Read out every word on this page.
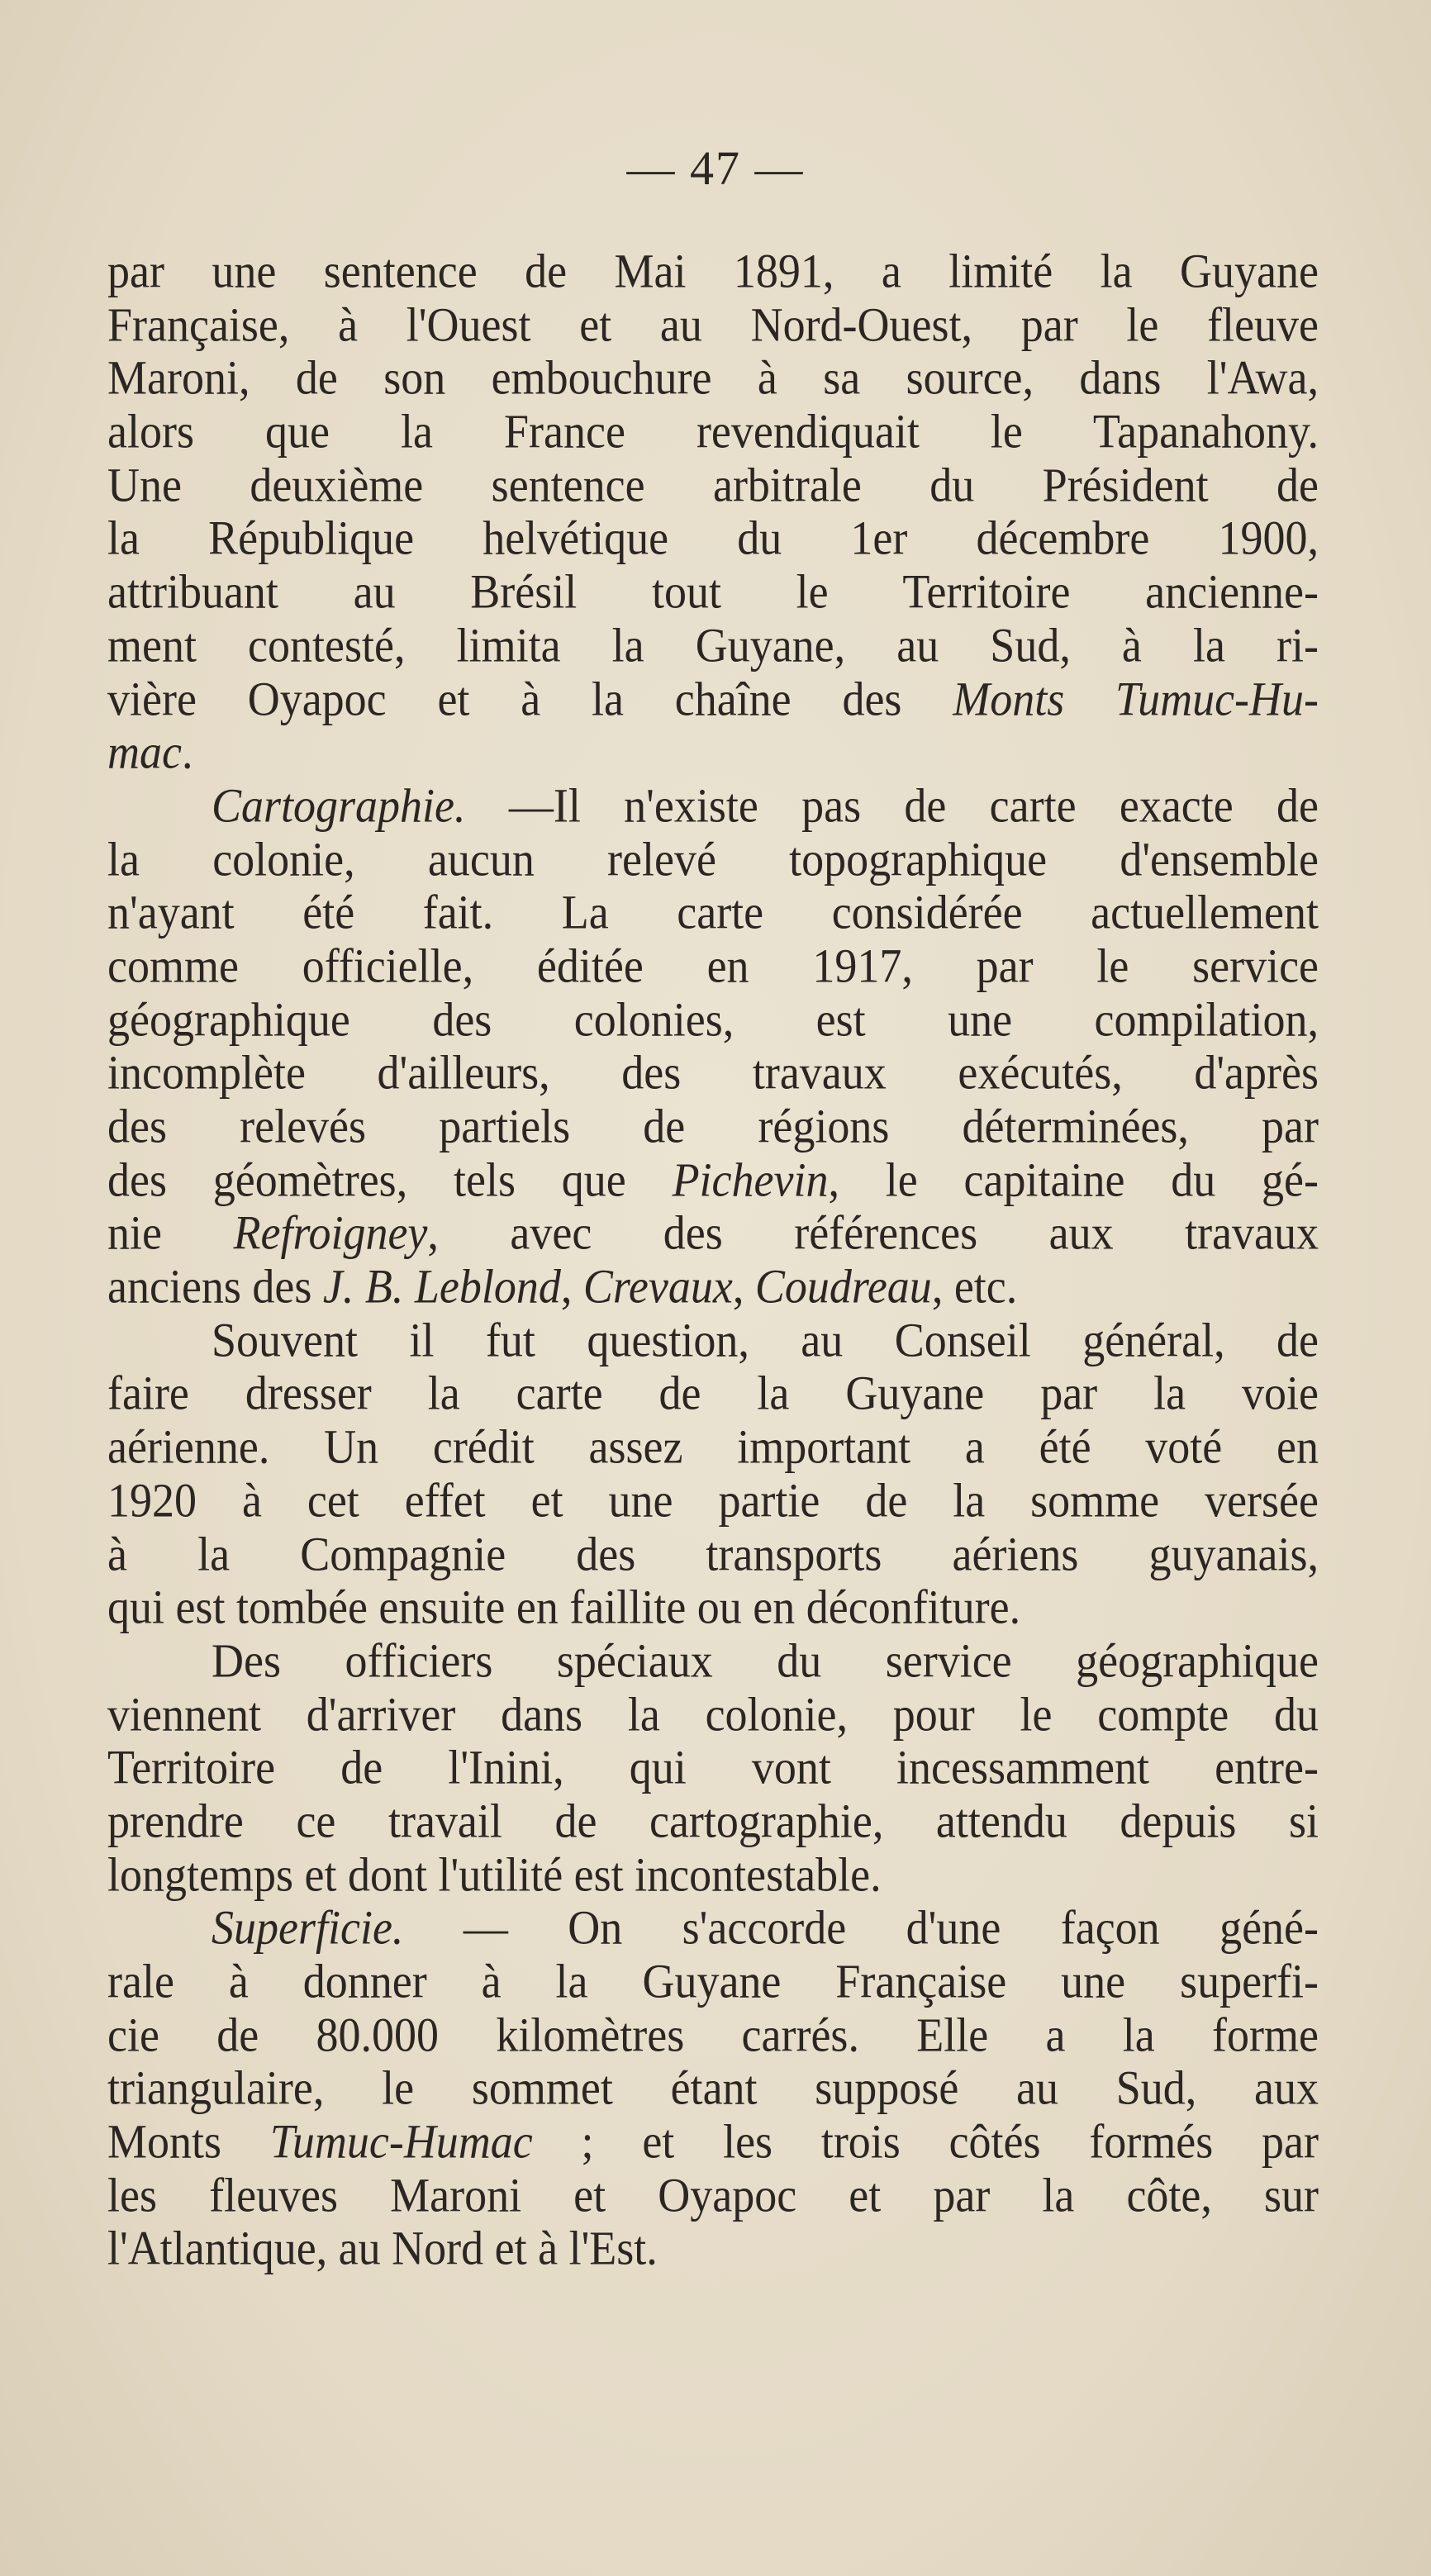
— 47 —
par une sentence de Mai 1891, a limité la Guyane
Française, à l'Ouest et au Nord-Ouest, par le fleuve
Maroni, de son embouchure à sa source, dans l'Awa,
alors que la France revendiquait le Tapanahony.
Une deuxième sentence arbitrale du Président de
la République helvétique du 1er décembre 1900,
attribuant au Brésil tout le Territoire ancienne-
ment contesté, limita la Guyane, au Sud, à la ri-
vière Oyapoc et à la chaîne des Monts Tumuc-Hu-
mac.
Cartographie. —Il n'existe pas de carte exacte de
la colonie, aucun relevé topographique d'ensemble
n'ayant été fait. La carte considérée actuellement
comme officielle, éditée en 1917, par le service
géographique des colonies, est une compilation,
incomplète d'ailleurs, des travaux exécutés, d'après
des relevés partiels de régions déterminées, par
des géomètres, tels que Pichevin, le capitaine du gé-
nie Refroigney, avec des références aux travaux
anciens des J. B. Leblond, Crevaux, Coudreau, etc.
Souvent il fut question, au Conseil général, de
faire dresser la carte de la Guyane par la voie
aérienne. Un crédit assez important a été voté en
1920 à cet effet et une partie de la somme versée
à la Compagnie des transports aériens guyanais,
qui est tombée ensuite en faillite ou en déconfiture.
Des officiers spéciaux du service géographique
viennent d'arriver dans la colonie, pour le compte du
Territoire de l'Inini, qui vont incessamment entre-
prendre ce travail de cartographie, attendu depuis si
longtemps et dont l'utilité est incontestable.
Superficie. — On s'accorde d'une façon géné-
rale à donner à la Guyane Française une superfi-
cie de 80.000 kilomètres carrés. Elle a la forme
triangulaire, le sommet étant supposé au Sud, aux
Monts Tumuc-Humac ; et les trois côtés formés par
les fleuves Maroni et Oyapoc et par la côte, sur
l'Atlantique, au Nord et à l'Est.
